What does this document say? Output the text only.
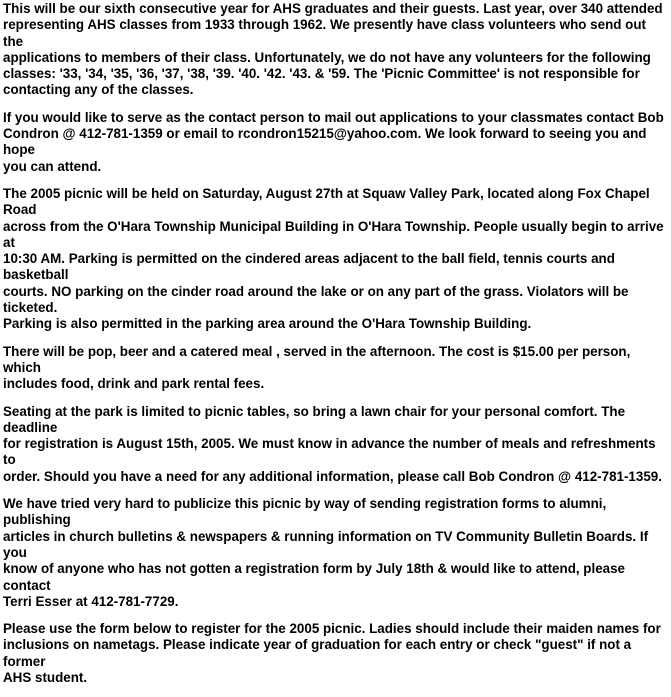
This will be our sixth consecutive year for AHS graduates and their guests. Last year, over 340 attended
representing AHS classes from 1933 through 1962. We presently have class volunteers who send out the
applications to members of their class. Unfortunately, we do not have any volunteers for the following
classes: '33, '34, '35, '36, '37, '38, '39. '40. '42. '43. & '59. The 'Picnic Committee' is not responsible for
contacting any of the classes.

If you would like to serve as the contact person to mail out applications to your classmates contact Bob
Condron @ 412-781-1359 or email to rcondron15215@yahoo.com. We look forward to seeing you and hope
you can attend.

The 2005 picnic will be held on Saturday, August 27th at Squaw Valley Park, located along Fox Chapel Road
across from the O'Hara Township Municipal Building in O'Hara Township. People usually begin to arrive at
10:30 AM. Parking is permitted on the cindered areas adjacent to the ball field, tennis courts and basketball
courts. NO parking on the cinder road around the lake or on any part of the grass. Violators will be ticketed.
Parking is also permitted in the parking area around the O'Hara Township Building.

There will be pop, beer and a catered meal , served in the afternoon. The cost is $15.00 per person, which
includes food, drink and park rental fees.

Seating at the park is limited to picnic tables, so bring a lawn chair for your personal comfort. The deadline
for registration is August 15th, 2005. We must know in advance the number of meals and refreshments to
order. Should you have a need for any additional information, please call Bob Condron @ 412-781-1359.

We have tried very hard to publicize this picnic by way of sending registration forms to alumni, publishing
articles in church bulletins & newspapers & running information on TV Community Bulletin Boards. If you
know of anyone who has not gotten a registration form by July 18th & would like to attend, please contact
Terri Esser at 412-781-7729.

Please use the form below to register for the 2005 picnic. Ladies should include their maiden names for
inclusions on nametags. Please indicate year of graduation for each entry or check "guest" if not a former
AHS student.
